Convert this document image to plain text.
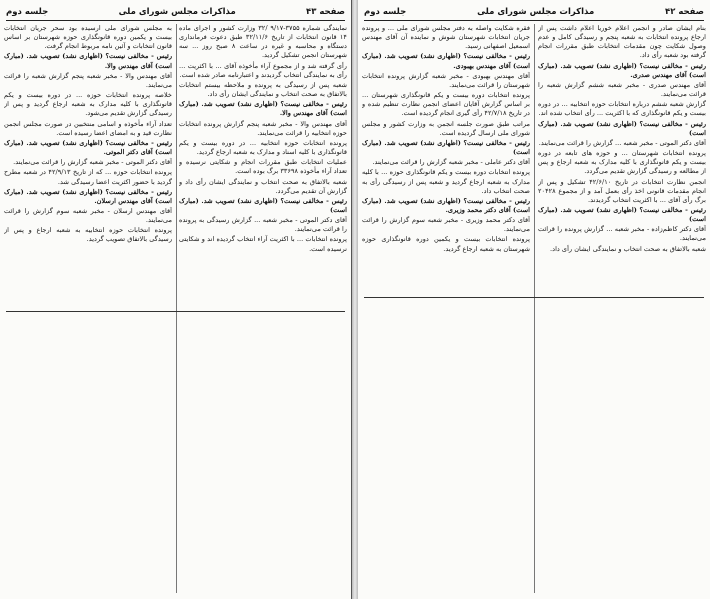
صفحه ۴۳
مذاکرات مجلس شورای ملی
جلسه دوم

نمایندگی شماره ۳۷۵۵-۹/۱۷ /۳۲ وزارت کشور و اجرای ماده ۱۴ قانون انتخابات از تاریخ ۳۲/۱۱/۶ طبق دعوت فرمانداری دستگاه و محاسبه و غیره در ساعت ۸ صبح روز ... سه شهرستان انجمن تشکیل گردید.

رأی گرفته شد و از مجموع آراء مأخوذه آقای ... با اکثریت ... رأی به نمایندگی انتخاب گردیدند و اعتبارنامه صادر شده است.

شعبه پس از رسیدگی به پرونده و ملاحظه بیستم انتخابات بالاتفاق به صحت انتخاب و نمایندگی ایشان رأی داد.

رئیس - مخالفی نیست؟ (اظهاری نشد) تصویب شد. (مبارک است) آقای مهندس والا.

آقای مهندس والا - مخبر شعبه پنجم گزارش پرونده انتخابات حوزه انتخابیه را قرائت می‌نمایند.

پرونده انتخابات حوزه انتخابیه ... در دوره بیست و یکم قانونگذاری با کلیه اسناد و مدارک به شعبه ارجاع گردید.

عملیات انتخابات طبق مقررات انجام و شکایتی نرسیده و تعداد آراء مأخوذه ۳۳۶۹۸ برگ بوده است.

شعبه بالاتفاق به صحت انتخاب و نمایندگی ایشان رأی داد و گزارش آن تقدیم می‌گردد.

رئیس - مخالفی نیست؟ (اظهاری نشد) تصویب شد. (مبارک است)

آقای دکتر الموتی - مخبر شعبه ... گزارش رسیدگی به پرونده را قرائت می‌نمایند.

پرونده انتخابات ... با اکثریت آراء انتخاب گردیده اند و شکایتی نرسیده است.

به مجلس شورای ملی ارسیده بود سحر جریان انتخابات بیست و یکمین دوره قانونگذاری حوزه شهرستان بر اساس قانون انتخابات و آئین نامه مربوط انجام گرفت.

رئیس - مخالفی نیست؟ (اظهاری نشد) تصویب شد. (مبارک است) آقای مهندس والا.

آقای مهندس والا - مخبر شعبه پنجم گزارش شعبه را قرائت می‌نمایند.

خلاصه پرونده انتخابات حوزه ... در دوره بیست و یکم قانونگذاری با کلیه مدارک به شعبه ارجاع گردید و پس از رسیدگی گزارش تقدیم می‌شود.

تعداد آراء مأخوذه و اسامی منتخبین در صورت مجلس انجمن نظارت قید و به امضای اعضا رسیده است.

رئیس - مخالفی نیست؟ (اظهاری نشد) تصویب شد. (مبارک است) آقای دکتر الموتی.

آقای دکتر الموتی - مخبر شعبه گزارش را قرائت می‌نمایند.

پرونده انتخابات حوزه ... که از تاریخ ۴۲/۹/۱۳ در شعبه مطرح گردید با حضور اکثریت اعضا رسیدگی شد.

رئیس - مخالفی نیست؟ (اظهاری نشد) تصویب شد. (مبارک است) آقای مهندس ارسلان.

آقای مهندس ارسلان - مخبر شعبه سوم گزارش را قرائت می‌نمایند.

پرونده انتخابات حوزه انتخابیه به شعبه ارجاع و پس از رسیدگی بالاتفاق تصویب گردید.

صفحه ۴۲
مذاکرات مجلس شورای ملی
جلسه دوم

بنام ایشان صادر و انجمن اعلام خوریا اعلام داشت پس از ارجاع پرونده انتخابات به شعبه پنجم و رسیدگی کامل و عدم وصول شکایت چون مقدمات انتخابات طبق مقررات انجام گرفته بود شعبه رأی داد.

رئیس - مخالفی نیست؟ (اظهاری نشد) تصویب شد. (مبارک است) آقای مهندس صدری.

آقای مهندس صدری - مخبر شعبه ششم گزارش شعبه را قرائت می‌نمایند.

گزارش شعبه ششم درباره انتخابات حوزه انتخابیه ... در دوره بیست و یکم قانونگذاری که با اکثریت ... رأی انتخاب شده اند.

رئیس - مخالفی نیست؟ (اظهاری نشد) تصویب شد. (مبارک است)

آقای دکتر الموتی - مخبر شعبه ... گزارش را قرائت می‌نمایند.

پرونده انتخابات شهرستان ... و حوزه های تابعه در دوره بیست و یکم قانونگذاری با کلیه مدارک به شعبه ارجاع و پس از مطالعه و رسیدگی گزارش تقدیم می‌گردد.

انجمن نظارت انتخابات در تاریخ ۴۲/۶/۱۰ تشکیل و پس از انجام مقدمات قانونی اخذ رأی بعمل آمد و از مجموع ۲۰۴۲۸ برگ رأی آقای ... با اکثریت انتخاب گردیدند.

رئیس - مخالفی نیست؟ (اظهاری نشد) تصویب شد. (مبارک است)

آقای دکتر کاظم‌زاده - مخبر شعبه ... گزارش پرونده را قرائت می‌نمایند.

شعبه بالاتفاق به صحت انتخاب و نمایندگی ایشان رأی داد.

فقره شکایت واصله به دفتر مجلس شورای ملی ... و پرونده جریان انتخابات شهرستان شوش و نماینده آن آقای مهندس اسمعیل اصفهانی رسید.

رئیس - مخالفی نیست؟ (اظهاری نشد) تصویب شد. (مبارک است) آقای مهندس بهبودی.

آقای مهندس بهبودی - مخبر شعبه گزارش پرونده انتخابات شهرستان را قرائت می‌نمایند.

پرونده انتخابات دوره بیست و یکم قانونگذاری شهرستان ... بر اساس گزارش آقایان اعضای انجمن نظارت تنظیم شده و در تاریخ ۴۲/۷/۱۸ رأی گیری انجام گردیده است.

مراتب طبق صورت جلسه انجمن به وزارت کشور و مجلس شورای ملی ارسال گردیده است.

رئیس - مخالفی نیست؟ (اظهاری نشد) تصویب شد. (مبارک است)

آقای دکتر عاملی - مخبر شعبه گزارش را قرائت می‌نمایند.

پرونده انتخابات دوره بیست و یکم قانونگذاری حوزه ... با کلیه مدارک به شعبه ارجاع گردید و شعبه پس از رسیدگی رأی به صحت انتخاب داد.

رئیس - مخالفی نیست؟ (اظهاری نشد) تصویب شد. (مبارک است) آقای دکتر محمد وزیری.

آقای دکتر محمد وزیری - مخبر شعبه سوم گزارش را قرائت می‌نمایند.

پرونده انتخابات بیست و یکمین دوره قانونگذاری حوزه شهرستان به شعبه ارجاع گردید.
